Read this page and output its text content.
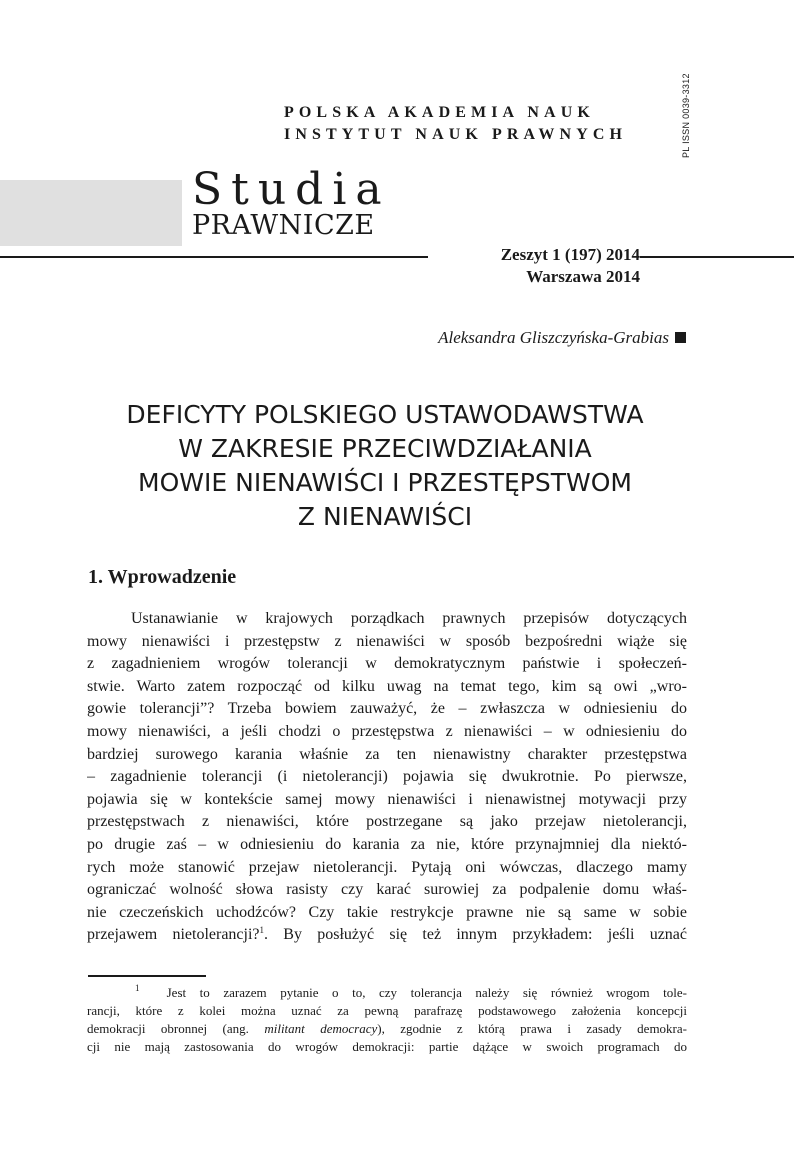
POLSKA AKADEMIA NAUK
INSTYTUT NAUK PRAWNYCH	PL ISSN 0039-3312
Studia
PRAWNICZE
Zeszyt 1 (197) 2014
Warszawa 2014
Aleksandra Gliszczyńska-Grabias
DEFICYTY POLSKIEGO USTAWODAWSTWA
W ZAKRESIE PRZECIWDZIAŁANIA
MOWIE NIENAWIŚCI I PRZESTĘPSTWOM
Z NIENAWIŚCI
1. Wprowadzenie
Ustanawianie w krajowych porządkach prawnych przepisów dotyczących
mowy nienawiści i przestępstw z nienawiści w sposób bezpośredni wiąże się
z zagadnieniem wrogów tolerancji w demokratycznym państwie i społeczeń-
stwie. Warto zatem rozpocząć od kilku uwag na temat tego, kim są owi „wro-
gowie tolerancji”? Trzeba bowiem zauważyć, że – zwłaszcza w odniesieniu do
mowy nienawiści, a jeśli chodzi o przestępstwa z nienawiści – w odniesieniu do
bardziej surowego karania właśnie za ten nienawistny charakter przestępstwa
– zagadnienie tolerancji (i nietolerancji) pojawia się dwukrotnie. Po pierwsze,
pojawia się w kontekście samej mowy nienawiści i nienawistnej motywacji przy
przestępstwach z nienawiści, które postrzegane są jako przejaw nietolerancji,
po drugie zaś – w odniesieniu do karania za nie, które przynajmniej dla niektó-
rych może stanowić przejaw nietolerancji. Pytają oni wówczas, dlaczego mamy
ograniczać wolność słowa rasisty czy karać surowiej za podpalenie domu właś-
nie czeczeńskich uchodźców? Czy takie restrykcje prawne nie są same w sobie
przejawem nietolerancji?$^1$. By posłużyć się też innym przykładem: jeśli uznać
$^1$ Jest to zarazem pytanie o to, czy tolerancja należy się również wrogom tole-
rancji, które z kolei można uznać za pewną parafrazę podstawowego założenia koncepcji
demokracji obronnej (ang. militant democracy), zgodnie z którą prawa i zasady demokra-
cji nie mają zastosowania do wrogów demokracji: partie dążące w swoich programach do
